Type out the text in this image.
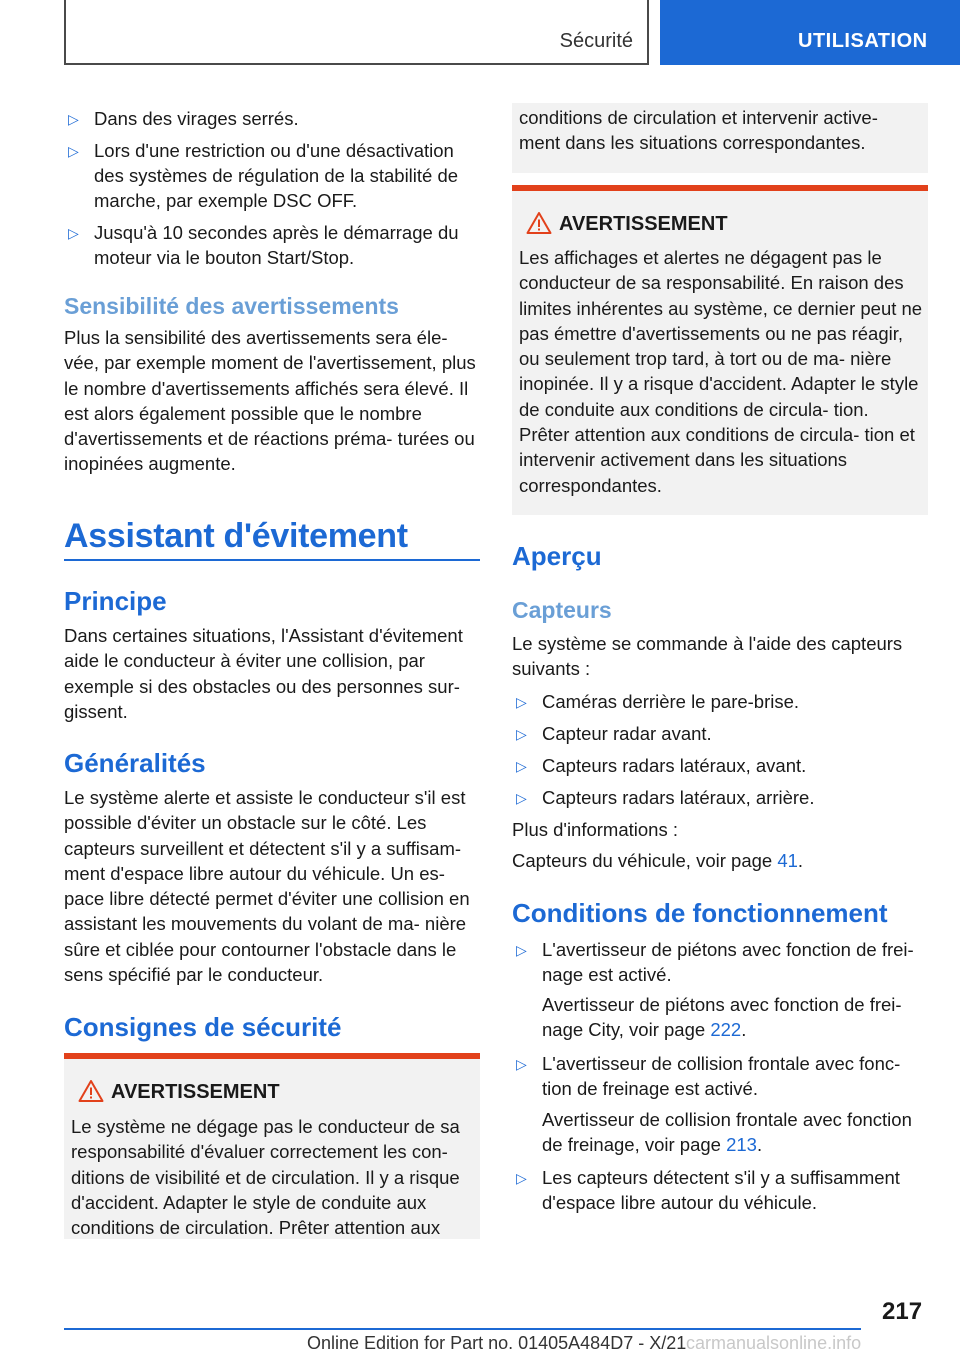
Sécurité	UTILISATION
▷ Dans des virages serrés.
▷ Lors d'une restriction ou d'une désactivation des systèmes de régulation de la stabilité de marche, par exemple DSC OFF.
▷ Jusqu'à 10 secondes après le démarrage du moteur via le bouton Start/Stop.
Sensibilité des avertissements
Plus la sensibilité des avertissements sera éle‐ vée, par exemple moment de l'avertissement, plus le nombre d'avertissements affichés sera élevé. Il est alors également possible que le nombre d'avertissements et de réactions préma‐ turées ou inopinées augmente.
Assistant d'évitement
Principe
Dans certaines situations, l'Assistant d'évitement aide le conducteur à éviter une collision, par exemple si des obstacles ou des personnes sur‐ gissent.
Généralités
Le système alerte et assiste le conducteur s'il est possible d'éviter un obstacle sur le côté. Les capteurs surveillent et détectent s'il y a suffisam‐ ment d'espace libre autour du véhicule. Un es‐ pace libre détecté permet d'éviter une collision en assistant les mouvements du volant de ma‐ nière sûre et ciblée pour contourner l'obstacle dans le sens spécifié par le conducteur.
Consignes de sécurité
AVERTISSEMENT
Le système ne dégage pas le conducteur de sa responsabilité d'évaluer correctement les con‐ ditions de visibilité et de circulation. Il y a risque d'accident. Adapter le style de conduite aux conditions de circulation. Prêter attention aux
conditions de circulation et intervenir active‐ ment dans les situations correspondantes.
AVERTISSEMENT
Les affichages et alertes ne dégagent pas le conducteur de sa responsabilité. En raison des limites inhérentes au système, ce dernier peut ne pas émettre d'avertissements ou ne pas réagir, ou seulement trop tard, à tort ou de ma‐ nière inopinée. Il y a risque d'accident. Adapter le style de conduite aux conditions de circula‐ tion. Prêter attention aux conditions de circula‐ tion et intervenir activement dans les situations correspondantes.
Aperçu
Capteurs
Le système se commande à l'aide des capteurs suivants :
▷ Caméras derrière le pare-brise.
▷ Capteur radar avant.
▷ Capteurs radars latéraux, avant.
▷ Capteurs radars latéraux, arrière.
Plus d'informations :
Capteurs du véhicule, voir page 41.
Conditions de fonctionnement
▷ L'avertisseur de piétons avec fonction de frei‐ nage est activé.
Avertisseur de piétons avec fonction de frei‐ nage City, voir page 222.
▷ L'avertisseur de collision frontale avec fonc‐ tion de freinage est activé.
Avertisseur de collision frontale avec fonction de freinage, voir page 213.
▷ Les capteurs détectent s'il y a suffisamment d'espace libre autour du véhicule.
217
Online Edition for Part no. 01405A484D7 - X/21 carmanualsonline.info
